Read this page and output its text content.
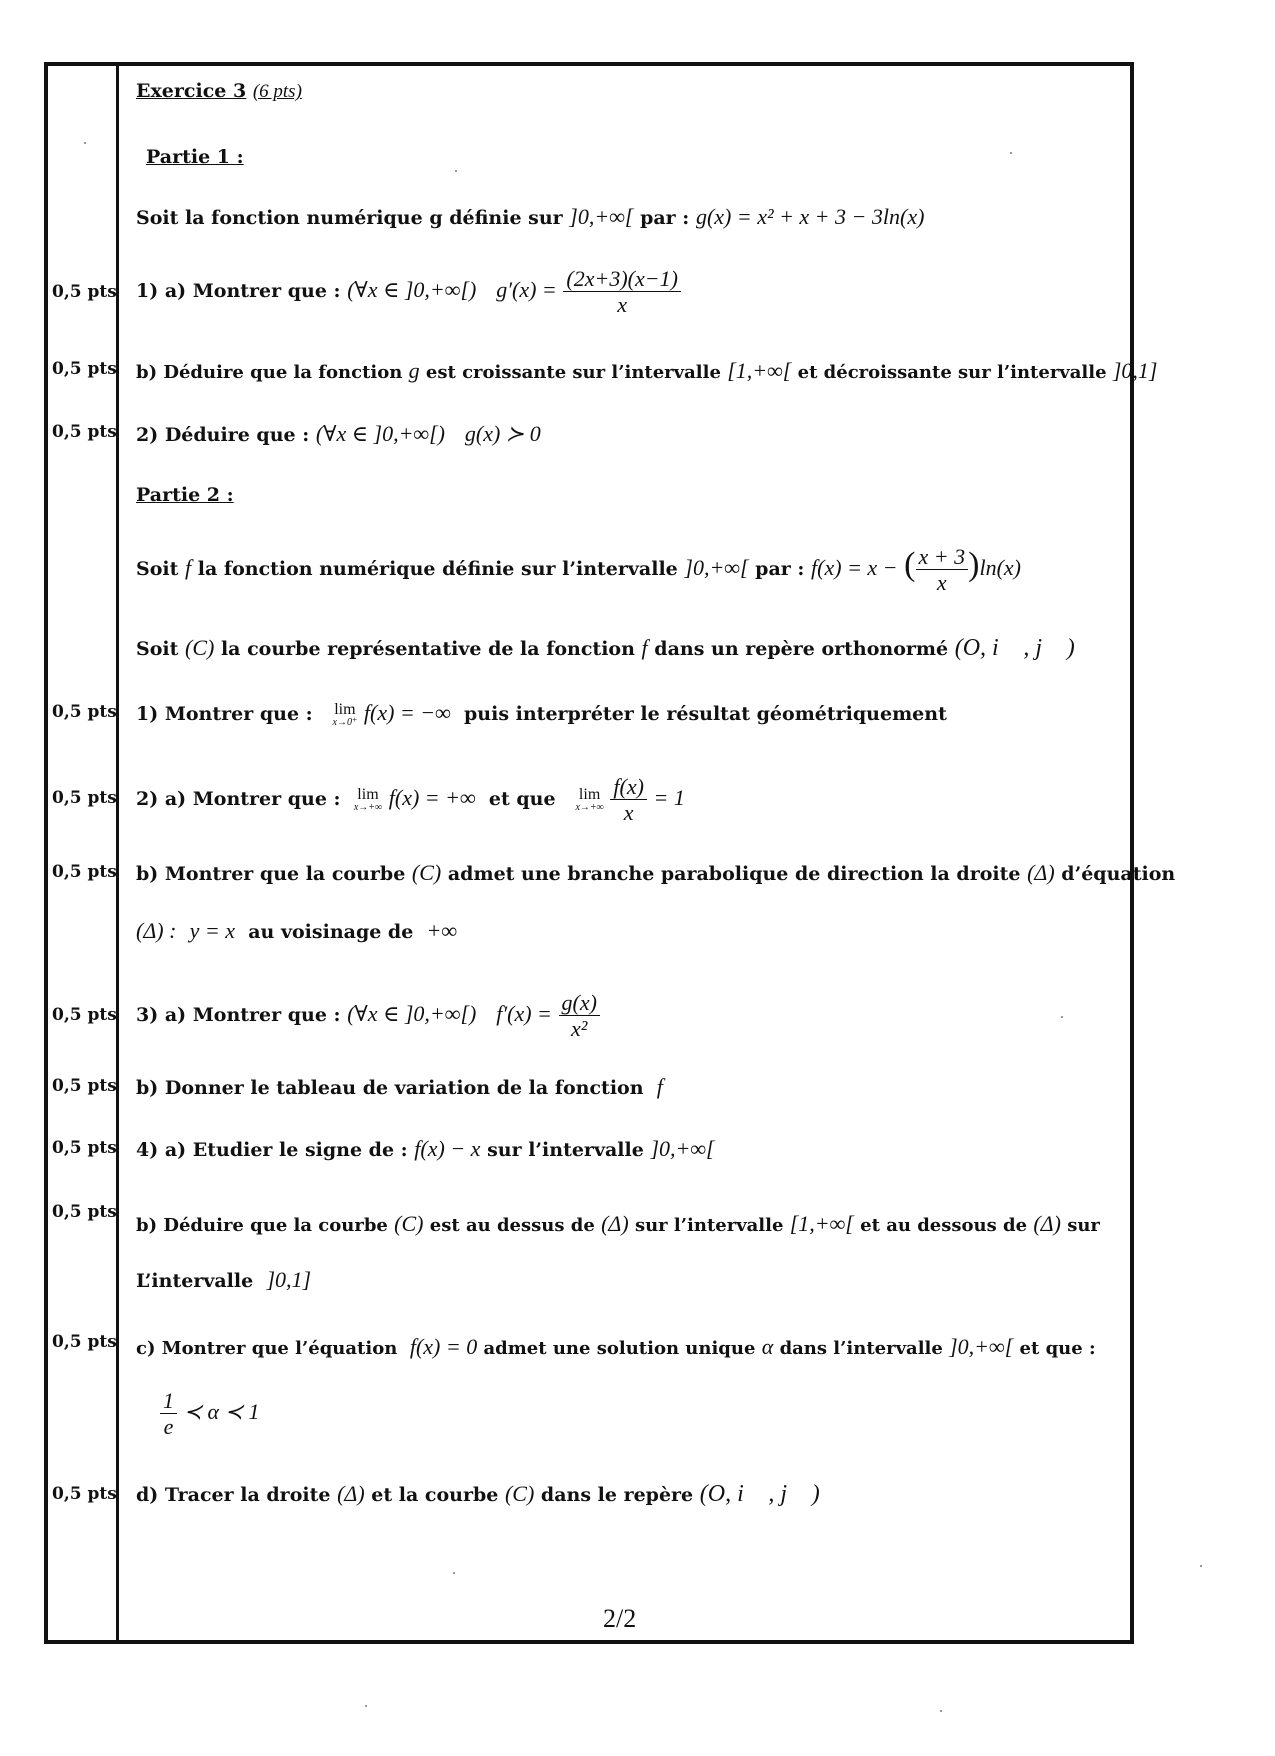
Exercice 3 (6 pts)
Partie 1 :
Soit la fonction numérique g définie sur ]0,+∞[ par : g(x) = x² + x + 3 − 3ln(x)
0,5 pts 1) a) Montrer que : (∀x ∈ ]0,+∞[) $g'(x) = \frac{(2x+3)(x-1)}{x}$
0,5 pts b) Déduire que la fonction g est croissante sur l’intervalle [1,+∞[ et décroissante sur l’intervalle ]0,1]
0,5 pts 2) Déduire que : (∀x ∈ ]0,+∞[) g(x) ≻ 0
Partie 2 :
Soit f la fonction numérique définie sur l’intervalle ]0,+∞[ par : f(x) = x − ( $\frac{x + 3}{x} )\ln(x)$
Soit (C) la courbe représentative de la fonction f dans un repère orthonormé (O, i⃗ , j⃗ )
0,5 pts 1) Montrer que : lim
x→0⁺ f(x) = −∞ puis interpréter le résultat géométriquement
0,5 pts 2) a) Montrer que : lim
x→+∞ f(x) = +∞ et que lim
x→+∞
$\frac{f(x)}{x} = 1$
0,5 pts b) Montrer que la courbe (C) admet une branche parabolique de direction la droite (Δ) d’équation
(Δ) : y = x au voisinage de +∞
0,5 pts 3) a) Montrer que : (∀x ∈ ]0,+∞[) $f'(x) = \frac{g(x)}{\text{x²}}$
0,5 pts b) Donner le tableau de variation de la fonction f
0,5 pts 4) a) Etudier le signe de : f(x) − x sur l’intervalle ]0,+∞[
0,5 pts
b) Déduire que la courbe (C) est au dessus de (Δ) sur l’intervalle [1,+∞[ et au dessous de (Δ) sur
L’intervalle ]0,1]
0,5 pts c) Montrer que l’équation f(x) = 0 admet une solution unique α dans l’intervalle ]0,+∞[ et que :
$\frac{1}{e}$ ≺ α ≺ 1
0,5 pts d) Tracer la droite (Δ) et la courbe (C) dans le repère (O, i⃗ , j⃗ )
2/2
